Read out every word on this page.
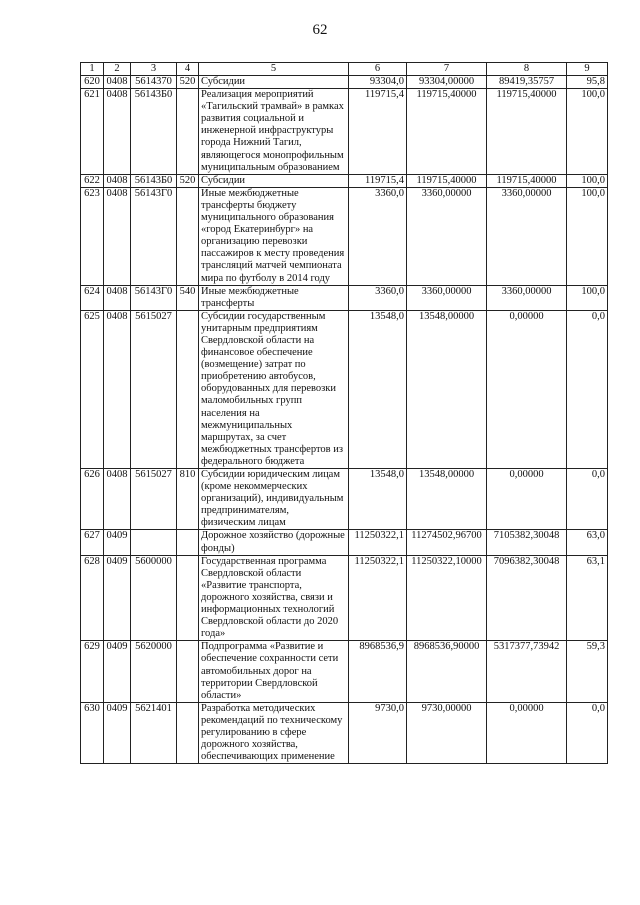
62
1	2	3	4	5	6	7	8	9
620	0408	5614370	520	Субсидии	93304,0	93304,00000	89419,35757	95,8
621	0408	56143Б0		Реализация мероприятий «Тагильский трамвай» в рамках развития социальной и инженерной инфраструктуры города Нижний Тагил, являющегося монопрофильным муниципальным образованием	119715,4	119715,40000	119715,40000	100,0
622	0408	56143Б0	520	Субсидии	119715,4	119715,40000	119715,40000	100,0
623	0408	56143Г0		Иные межбюджетные трансферты бюджету муниципального образования «город Екатеринбург» на организацию перевозки пассажиров к месту проведения трансляций матчей чемпионата мира по футболу в 2014 году	3360,0	3360,00000	3360,00000	100,0
624	0408	56143Г0	540	Иные межбюджетные трансферты	3360,0	3360,00000	3360,00000	100,0
625	0408	5615027		Субсидии государственным унитарным предприятиям Свердловской области на финансовое обеспечение (возмещение) затрат по приобретению автобусов, оборудованных для перевозки маломобильных групп населения на межмуниципальных маршрутах, за счет межбюджетных трансфертов из федерального бюджета	13548,0	13548,00000	0,00000	0,0
626	0408	5615027	810	Субсидии юридическим лицам (кроме некоммерческих организаций), индивидуальным предпринимателям, физическим лицам	13548,0	13548,00000	0,00000	0,0
627	0409			Дорожное хозяйство (дорожные фонды)	11250322,1	11274502,96700	7105382,30048	63,0
628	0409	5600000		Государственная программа Свердловской области «Развитие транспорта, дорожного хозяйства, связи и информационных технологий Свердловской области до 2020 года»	11250322,1	11250322,10000	7096382,30048	63,1
629	0409	5620000		Подпрограмма «Развитие и обеспечение сохранности сети автомобильных дорог на территории Свердловской области»	8968536,9	8968536,90000	5317377,73942	59,3
630	0409	5621401		Разработка методических рекомендаций по техническому регулированию в сфере дорожного хозяйства, обеспечивающих применение	9730,0	9730,00000	0,00000	0,0
